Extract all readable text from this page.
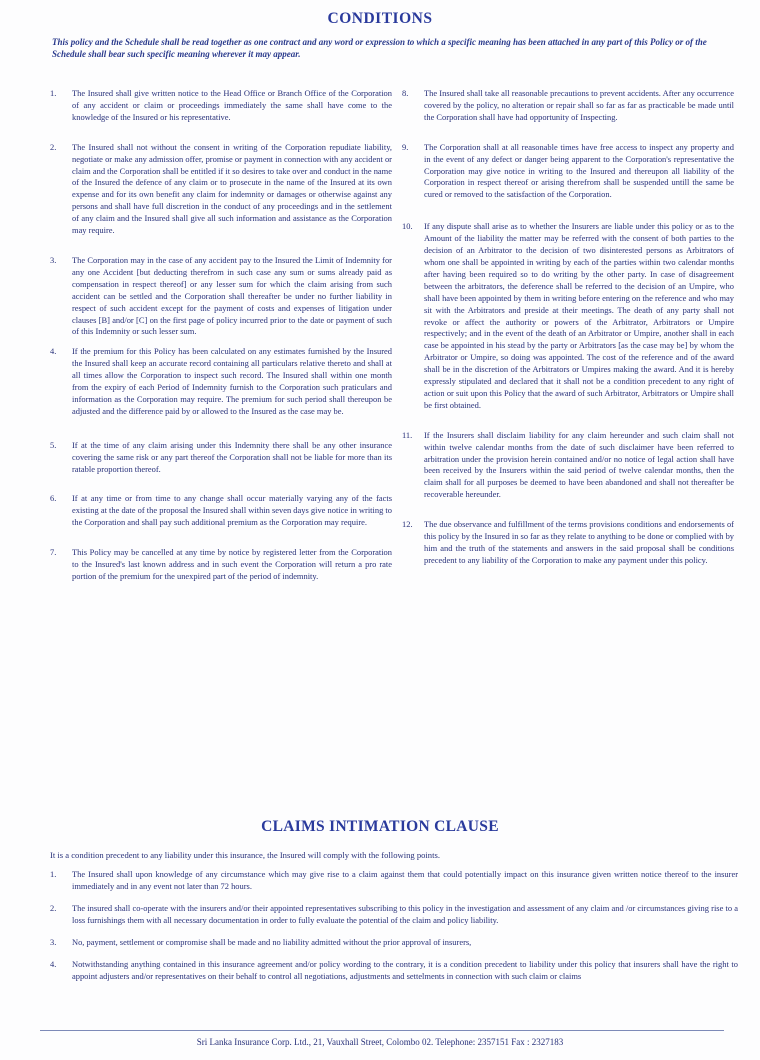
CONDITIONS
This policy and the Schedule shall be read together as one contract and any word or expression to which a specific meaning has been attached in any part of this Policy or of the Schedule shall bear such specific meaning wherever it may appear.
1. The Insured shall give written notice to the Head Office or Branch Office of the Corporation of any accident or claim or proceedings immediately the same shall have come to the knowledge of the Insured or his representative.
2. The Insured shall not without the consent in writing of the Corporation repudiate liability, negotiate or make any admission offer, promise or payment in connection with any accident or claim and the Corporation shall be entitled if it so desires to take over and conduct in the name of the Insured the defence of any claim or to prosecute in the name of the Insured at its own expense and for its own benefit any claim for indemnity or damages or otherwise against any persons and shall have full discretion in the conduct of any proceedings and in the settlement of any claim and the Insured shall give all such information and assistance as the Corporation may require.
3. The Corporation may in the case of any accident pay to the Insured the Limit of Indemnity for any one Accident [but deducting therefrom in such case any sum or sums already paid as compensation in respect thereof] or any lesser sum for which the claim arising from such accident can be settled and the Corporation shall thereafter be under no further liability in respect of such accident except for the payment of costs and expenses of litigation under clauses [B] and/or [C] on the first page of policy incurred prior to the date or payment of such of this Indemnity or such lesser sum.
4. If the premium for this Policy has been calculated on any estimates furnished by the Insured the Insured shall keep an accurate record containing all particulars relative thereto and shall at all times allow the Corporation to inspect such record. The Insured shall within one month from the expiry of each Period of Indemnity furnish to the Corporation such praticulars and information as the Corporation may require. The premium for such period shall thereupon be adjusted and the difference paid by or allowed to the Insured as the case may be.
5. If at the time of any claim arising under this Indemnity there shall be any other insurance covering the same risk or any part thereof the Corporation shall not be liable for more than its ratable proportion thereof.
6. If at any time or from time to any change shall occur materially varying any of the facts existing at the date of the proposal the Insured shall within seven days give notice in writing to the Corporation and shall pay such additional premium as the Corporation may require.
7. This Policy may be cancelled at any time by notice by registered letter from the Corporation to the Insured's last known address and in such event the Corporation will return a pro rate portion of the premium for the unexpired part of the period of indemnity.
8. The Insured shall take all reasonable precautions to prevent accidents. After any occurrence covered by the policy, no alteration or repair shall so far as far as practicable be made until the Corporation shall have had opportunity of Inspecting.
9. The Corporation shall at all reasonable times have free access to inspect any property and in the event of any defect or danger being apparent to the Corporation's representative the Corporation may give notice in writing to the Insured and thereupon all liability of the Corporation in respect thereof or arising therefrom shall be suspended untill the same be cured or removed to the satisfaction of the Corporation.
10. If any dispute shall arise as to whether the Insurers are liable under this policy or as to the Amount of the liability the matter may be referred with the consent of both parties to the decision of an Arbitrator to the decision of two disinterested persons as Arbitrators of whom one shall be appointed in writing by each of the parties within two calendar months after having been required so to do writing by the other party. In case of disagreement between the arbitrators, the deference shall be referred to the decision of an Umpire, who shall have been appointed by them in writing before entering on the reference and who may sit with the Arbitrators and preside at their meetings. The death of any party shall not revoke or affect the authority or powers of the Arbitrator, Arbitrators or Umpire respectively; and in the event of the death of an Arbitrator or Umpire, another shall in each case be appointed in his stead by the party or Arbitrators [as the case may be] by whom the Arbitrator or Umpire, so doing was appointed. The cost of the reference and of the award shall be in the discretion of the Arbitrators or Umpires making the award. And it is hereby expressly stipulated and declared that it shall not be a condition precedent to any right of action or suit upon this Policy that the award of such Arbitrator, Arbitrators or Umpire shall be first obtained.
11. If the Insurers shall disclaim liability for any claim hereunder and such claim shall not within twelve calendar months from the date of such disclaimer have been referred to arbitration under the provision herein contained and/or no notice of legal action shall have been received by the Insurers within the said period of twelve calendar months, then the claim shall for all purposes be deemed to have been abandoned and shall not thereafter be recoverable hereunder.
12. The due observance and fulfillment of the terms provisions conditions and endorsements of this policy by the Insured in so far as they relate to anything to be done or complied with by him and the truth of the statements and answers in the said proposal shall be conditions precedent to any liability of the Corporation to make any payment under this policy.
CLAIMS INTIMATION CLAUSE
It is a condition precedent to any liability under this insurance, the Insured will comply with the following points.
1. The Insured shall upon knowledge of any circumstance which may give rise to a claim against them that could potentially impact on this insurance given written notice thereof to the insurer immediately and in any event not later than 72 hours.
2. The insured shall co-operate with the insurers and/or their appointed representatives subscribing to this policy in the investigation and assessment of any claim and /or circumstances giving rise to a loss furnishings them with all necessary documentation in order to fully evaluate the potential of the claim and policy liability.
3. No, payment, settlement or compromise shall be made and no liability admitted without the prior approval of insurers,
4. Notwithstanding anything contained in this insurance agreement and/or policy wording to the contrary, it is a condition precedent to liability under this policy that insurers shall have the right to appoint adjusters and/or representatives on their behalf to control all negotiations, adjustments and settelments in connection with such claim or claims
Sri Lanka Insurance Corp. Ltd., 21, Vauxhall Street, Colombo 02. Telephone: 2357151 Fax : 2327183
